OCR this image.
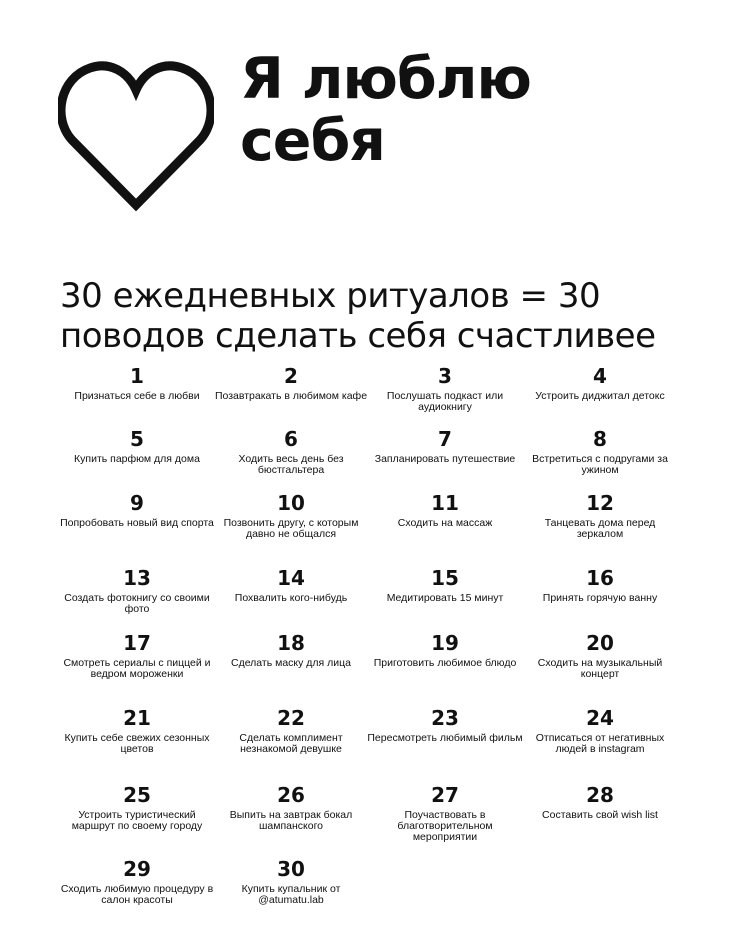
Я люблю
себя
30 ежедневных ритуалов = 30
поводов сделать себя счастливее
1
Признаться себе в любви
2
Позавтракать в любимом кафе
3
Послушать подкаст или аудиокнигу
4
Устроить диджитал детокс
5
Купить парфюм для дома
6
Ходить весь день без бюстгальтера
7
Запланировать путешествие
8
Встретиться с подругами за ужином
9
Попробовать новый вид спорта
10
Позвонить другу, с которым давно не общался
11
Сходить на массаж
12
Танцевать дома перед зеркалом
13
Создать фотокнигу со своими фото
14
Похвалить кого-нибудь
15
Медитировать 15 минут
16
Принять горячую ванну
17
Смотреть сериалы с пиццей и ведром мороженки
18
Сделать маску для лица
19
Приготовить любимое блюдо
20
Сходить на музыкальный концерт
21
Купить себе свежих сезонных цветов
22
Сделать комплимент незнакомой девушке
23
Пересмотреть любимый фильм
24
Отписаться от негативных людей в instagram
25
Устроить туристический маршрут по своему городу
26
Выпить на завтрак бокал шампанского
27
Поучаствовать в благотворительном мероприятии
28
Составить свой wish list
29
Сходить любимую процедуру в салон красоты
30
Купить купальник от @atumatu.lab
